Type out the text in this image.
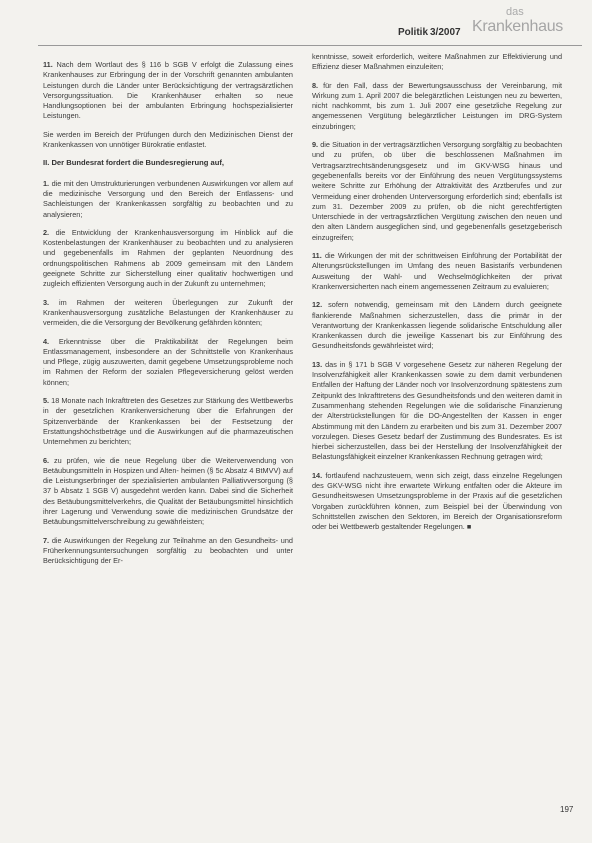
Politik 3/2007
das
Krankenhaus

11. Nach dem Wortlaut des § 116 b SGB V erfolgt die Zulassung eines Krankenhauses zur Erbringung der in der Vorschrift genannten ambulanten Leistungen durch die Länder unter Berücksichtigung der vertragsärztlichen Versorgungssituation. Die Krankenhäuser erhalten so neue Handlungsoptionen bei der ambulanten Erbringung hochspezialisierter Leistungen.

Sie werden im Bereich der Prüfungen durch den Medizinischen Dienst der Krankenkassen von unnötiger Bürokratie entlastet.

II. Der Bundesrat fordert die Bundesregierung auf,

1. die mit den Umstrukturierungen verbundenen Auswirkungen vor allem auf die medizinische Versorgung und den Bereich der Entlassens- und Sachleistungen der Krankenkassen sorgfältig zu beobachten und zu analysieren;

2. die Entwicklung der Krankenhausversorgung im Hinblick auf die Kostenbelastungen der Krankenhäuser zu beobachten und zu analysieren und gegebenenfalls im Rahmen der geplanten Neuordnung des ordnungspolitischen Rahmens ab 2009 gemeinsam mit den Ländern geeignete Schritte zur Sicherstellung einer qualitativ hochwertigen und zugleich effizienten Versorgung auch in der Zukunft zu unternehmen;

3. im Rahmen der weiteren Überlegungen zur Zukunft der Krankenhausversorgung zusätzliche Belastungen der Krankenhäuser zu vermeiden, die die Versorgung der Bevölkerung gefährden könnten;

4. Erkenntnisse über die Praktikabilität der Regelungen beim Entlassmanagement, insbesondere an der Schnittstelle von Krankenhaus und Pflege, zügig auszuwerten, damit gegebene Umsetzungsprobleme noch im Rahmen der Reform der sozialen Pflegeversicherung gelöst werden können;

5. 18 Monate nach Inkrafttreten des Gesetzes zur Stärkung des Wettbewerbs in der gesetzlichen Krankenversicherung über die Erfahrungen der Spitzenverbände der Krankenkassen bei der Festsetzung der Erstattungshöchstbeträge und die Auswirkungen auf die pharmazeutischen Unternehmen zu berichten;

6. zu prüfen, wie die neue Regelung über die Weiterverwendung von Betäubungsmitteln in Hospizen und Alten- heimen (§ 5c Absatz 4 BtMVV) auf die Leistungserbringer der spezialisierten ambulanten Palliativversorgung (§ 37 b Absatz 1 SGB V) ausgedehnt werden kann. Dabei sind die Sicherheit des Betäubungsmittelverkehrs, die Qualität der Betäubungsmittel hinsichtlich ihrer Lagerung und Verwendung sowie die medizinischen Grundsätze der Betäubungsmittelverschreibung zu gewährleisten;

7. die Auswirkungen der Regelung zur Teilnahme an den Gesundheits- und Früherkennungsuntersuchungen sorgfältig zu beobachten und unter Berücksichtigung der Er-

kenntnisse, soweit erforderlich, weitere Maßnahmen zur Effektivierung und Effizienz dieser Maßnahmen einzuleiten;

8. für den Fall, dass der Bewertungsausschuss der Vereinbarung, mit Wirkung zum 1. April 2007 die belegärztlichen Leistungen neu zu bewerten, nicht nachkommt, bis zum 1. Juli 2007 eine gesetzliche Regelung zur angemessenen Vergütung belegärztlicher Leistungen im DRG-System einzubringen;

9. die Situation in der vertragsärztlichen Versorgung sorgfältig zu beobachten und zu prüfen, ob über die beschlossenen Maßnahmen im Vertragsarztrechtsänderungsgesetz und im GKV-WSG hinaus und gegebenenfalls bereits vor der Einführung des neuen Vergütungssystems weitere Schritte zur Erhöhung der Attraktivität des Arztberufes und zur Vermeidung einer drohenden Unterversorgung erforderlich sind; ebenfalls ist zum 31. Dezember 2009 zu prüfen, ob die nicht gerechtfertigten Unterschiede in der vertragsärztlichen Vergütung zwischen den neuen und den alten Ländern ausgeglichen sind, und gegebenenfalls gesetzgeberisch einzugreifen;

11. die Wirkungen der mit der schrittweisen Einführung der Portabilität der Alterungsrückstellungen im Umfang des neuen Basistarifs verbundenen Ausweitung der Wahl- und Wechselmöglichkeiten der privat Krankenversicherten nach einem angemessenen Zeitraum zu evaluieren;

12. sofern notwendig, gemeinsam mit den Ländern durch geeignete flankierende Maßnahmen sicherzustellen, dass die primär in der Verantwortung der Krankenkassen liegende solidarische Entschuldung aller Krankenkassen durch die jeweilige Kassenart bis zur Einführung des Gesundheitsfonds gewährleistet wird;

13. das in § 171 b SGB V vorgesehene Gesetz zur näheren Regelung der Insolvenzfähigkeit aller Krankenkassen sowie zu dem damit verbundenen Entfallen der Haftung der Länder noch vor Insolvenzordnung spätestens zum Zeitpunkt des Inkrafttretens des Gesundheitsfonds und den weiteren damit in Zusammenhang stehenden Regelungen wie die solidarische Finanzierung der Alterstrückstellungen für die DO-Angestellten der Kassen in enger Abstimmung mit den Ländern zu erarbeiten und bis zum 31. Dezember 2007 vorzulegen. Dieses Gesetz bedarf der Zustimmung des Bundesrates. Es ist hierbei sicherzustellen, dass bei der Herstellung der Insolvenzfähigkeit der Belastungsfähigkeit einzelner Krankenkassen Rechnung getragen wird;

14. fortlaufend nachzusteuern, wenn sich zeigt, dass einzelne Regelungen des GKV-WSG nicht ihre erwartete Wirkung entfalten oder die Akteure im Gesundheitswesen Umsetzungsprobleme in der Praxis auf die gesetzlichen Vorgaben zurückführen können, zum Beispiel bei der Überwindung von Schnittstellen zwischen den Sektoren, im Bereich der Organisationsreform oder bei Wettbewerb gestaltender Regelungen. ■

197
